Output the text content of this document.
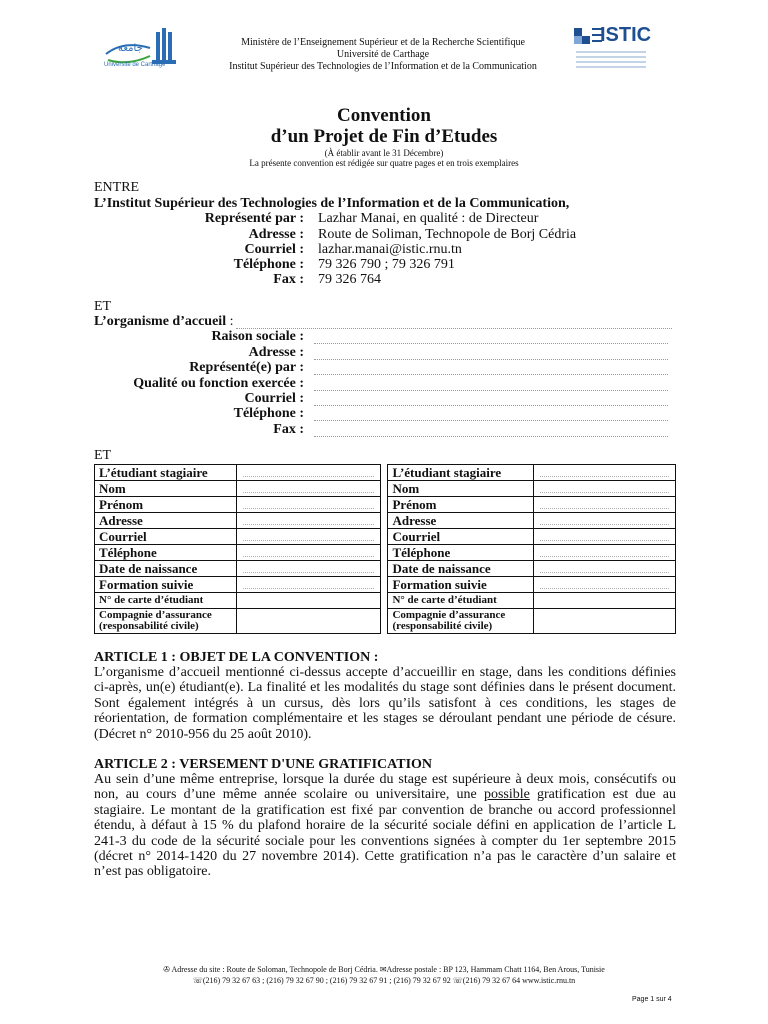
جامعة
Université de Carthage
Ministère de l’Enseignement Supérieur et de la Recherche Scientifique
Université de Carthage
Institut Supérieur des Technologies de l’Information et de la Communication
ISTIC
Convention
d’un Projet de Fin d’Etudes
(À établir avant le 31 Décembre)
La présente convention est rédigée sur quatre pages et en trois exemplaires
ENTRE
L’Institut Supérieur des Technologies de l’Information et de la Communication,
Représenté par : Lazhar Manai, en qualité : de Directeur
Adresse : Route de Soliman, Technopole de Borj Cédria
Courriel : lazhar.manai@istic.rnu.tn
Téléphone : 79 326 790 ; 79 326 791
Fax : 79 326 764
ET
L’organisme d’accueil :
Raison sociale :
Adresse :
Représenté(e) par :
Qualité ou fonction exercée :
Courriel :
Téléphone :
Fax :
ET
L’étudiant stagiaire			L’étudiant stagiaire	

Nom			Nom	

Prénom			Prénom	

Adresse			Adresse	

Courriel			Courriel	

Téléphone			Téléphone	

Date de naissance			Date de naissance	

Formation suivie			Formation suivie	

N° de carte d’étudiant			N° de carte d’étudiant	
Compagnie d’assurance (responsabilité civile)			Compagnie d’assurance (responsabilité civile)	
ARTICLE 1 : OBJET DE LA CONVENTION :
L’organisme d’accueil mentionné ci-dessus accepte d’accueillir en stage, dans les conditions définies
ci-après, un(e) étudiant(e). La finalité et les modalités du stage sont définies dans le présent document.
Sont également intégrés à un cursus, dès lors qu’ils satisfont à ces conditions, les stages de
réorientation, de formation complémentaire et les stages se déroulant pendant une période de césure.
(Décret n° 2010-956 du 25 août 2010).
ARTICLE 2 : VERSEMENT D'UNE GRATIFICATION
Au sein d’une même entreprise, lorsque la durée du stage est supérieure à deux mois, consécutifs ou
non, au cours d’une même année scolaire ou universitaire, une possible gratification est due au
stagiaire. Le montant de la gratification est fixé par convention de branche ou accord professionnel
étendu, à défaut à 15 % du plafond horaire de la sécurité sociale défini en application de l’article L
241-3 du code de la sécurité sociale pour les conventions signées à compter du 1er septembre 2015
(décret n° 2014-1420 du 27 novembre 2014). Cette gratification n’a pas le caractère d’un salaire et
n’est pas obligatoire.
✇ Adresse du site : Route de Soloman, Technopole de Borj Cédria. ✉Adresse postale : BP 123, Hammam Chatt 1164, Ben Arous, Tunisie
☏(216) 79 32 67 63 ; (216) 79 32 67 90 ; (216) 79 32 67 91 ; (216) 79 32 67 92 ☏(216) 79 32 67 64 www.istic.rnu.tn
Page 1 sur 4
